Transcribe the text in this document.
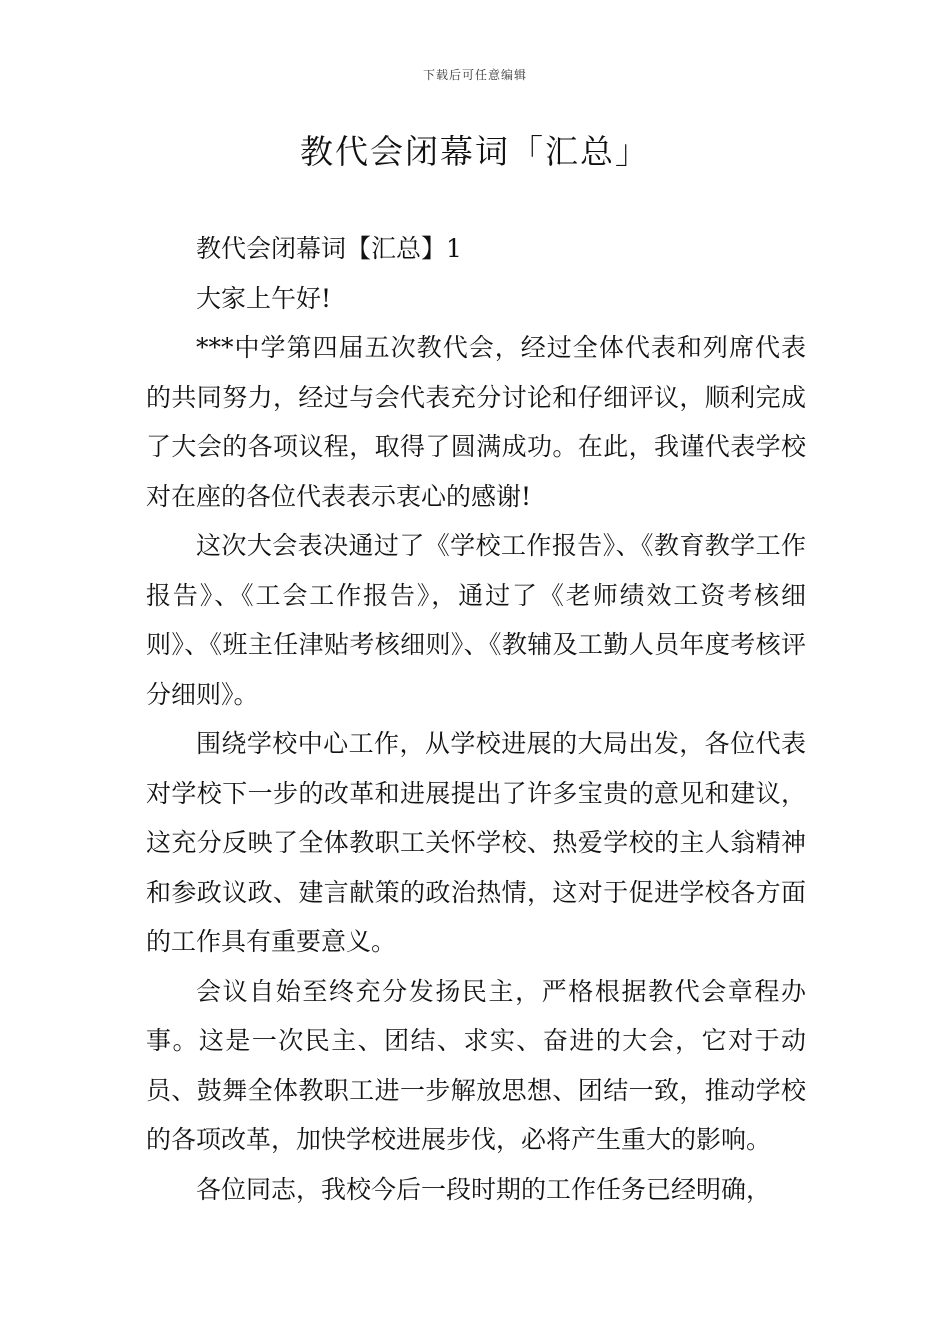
下载后可任意编辑
教代会闭幕词「汇总」

教代会闭幕词【汇总】1

大家上午好!

***中学第四届五次教代会，经过全体代表和列席代表的共同努力，经过与会代表充分讨论和仔细评议，顺利完成了大会的各项议程，取得了圆满成功。在此，我谨代表学校对在座的各位代表表示衷心的感谢!

这次大会表决通过了《学校工作报告》、《教育教学工作报告》、《工会工作报告》，通过了《老师绩效工资考核细则》、《班主任津贴考核细则》、《教辅及工勤人员年度考核评分细则》。

围绕学校中心工作，从学校进展的大局出发，各位代表对学校下一步的改革和进展提出了许多宝贵的意见和建议，这充分反映了全体教职工关怀学校、热爱学校的主人翁精神和参政议政、建言献策的政治热情，这对于促进学校各方面的工作具有重要意义。

会议自始至终充分发扬民主，严格根据教代会章程办事。这是一次民主、团结、求实、奋进的大会，它对于动员、鼓舞全体教职工进一步解放思想、团结一致，推动学校的各项改革，加快学校进展步伐，必将产生重大的影响。

各位同志，我校今后一段时期的工作任务已经明确，
